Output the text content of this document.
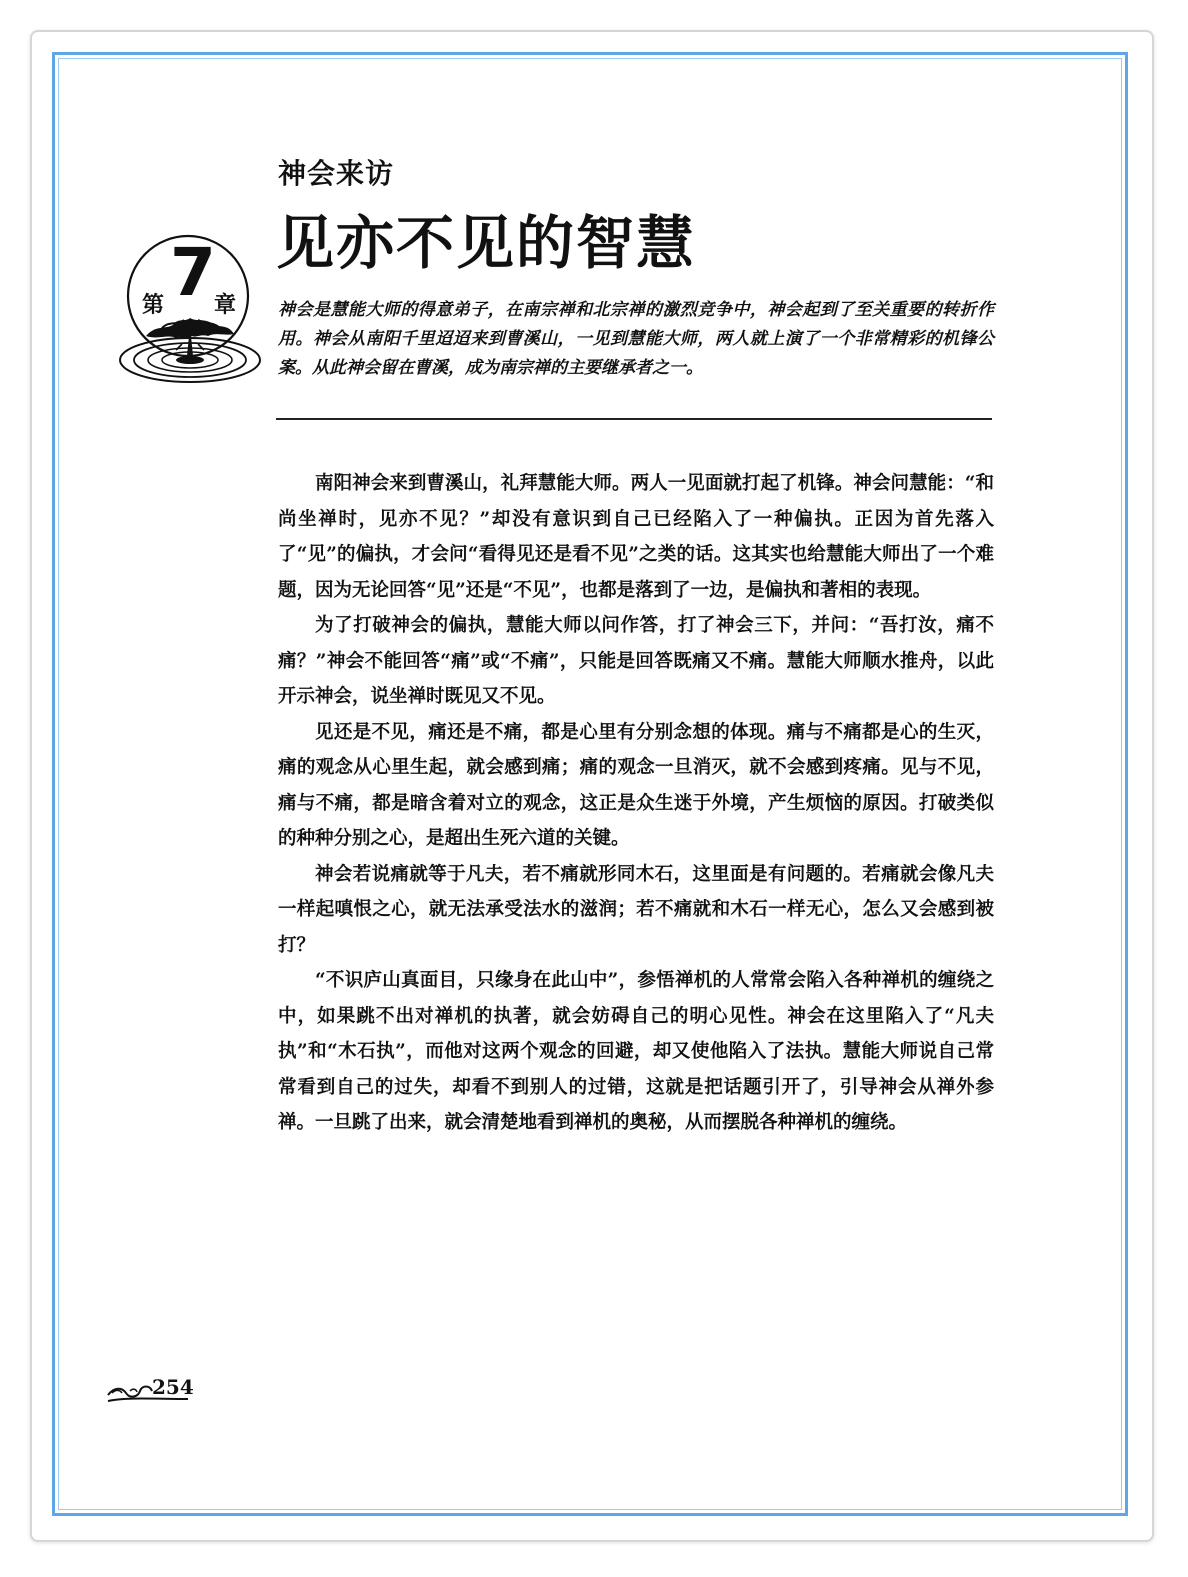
神会来访
见亦不见的智慧
第 7
章 神会是慧能大师的得意弟子，在南宗禅和北宗禅的激烈竞争中，神会起到了至关重要的转折作用。神会从南阳千里迢迢来到曹溪山，一见到慧能大师，两人就上演了一个非常精彩的机锋公案。从此神会留在曹溪，成为南宗禅的主要继承者之一。

南阳神会来到曹溪山，礼拜慧能大师。两人一见面就打起了机锋。神会问慧能：“和尚坐禅时，见亦不见？”却没有意识到自己已经陷入了一种偏执。正因为首先落入了“见”的偏执，才会问“看得见还是看不见”之类的话。这其实也给慧能大师出了一个难题，因为无论回答“见”还是“不见”，也都是落到了一边，是偏执和著相的表现。

为了打破神会的偏执，慧能大师以问作答，打了神会三下，并问：“吾打汝，痛不痛？”神会不能回答“痛”或“不痛”，只能是回答既痛又不痛。慧能大师顺水推舟，以此开示神会，说坐禅时既见又不见。

见还是不见，痛还是不痛，都是心里有分别念想的体现。痛与不痛都是心的生灭，痛的观念从心里生起，就会感到痛；痛的观念一旦消灭，就不会感到疼痛。见与不见，痛与不痛，都是暗含着对立的观念，这正是众生迷于外境，产生烦恼的原因。打破类似的种种分别之心，是超出生死六道的关键。

神会若说痛就等于凡夫，若不痛就形同木石，这里面是有问题的。若痛就会像凡夫一样起嗔恨之心，就无法承受法水的滋润；若不痛就和木石一样无心，怎么又会感到被打？

“不识庐山真面目，只缘身在此山中”，参悟禅机的人常常会陷入各种禅机的缠绕之中，如果跳不出对禅机的执著，就会妨碍自己的明心见性。神会在这里陷入了“凡夫执”和“木石执”，而他对这两个观念的回避，却又使他陷入了法执。慧能大师说自己常常看到自己的过失，却看不到别人的过错，这就是把话题引开了，引导神会从禅外参禅。一旦跳了出来，就会清楚地看到禅机的奥秘，从而摆脱各种禅机的缠绕。

254
